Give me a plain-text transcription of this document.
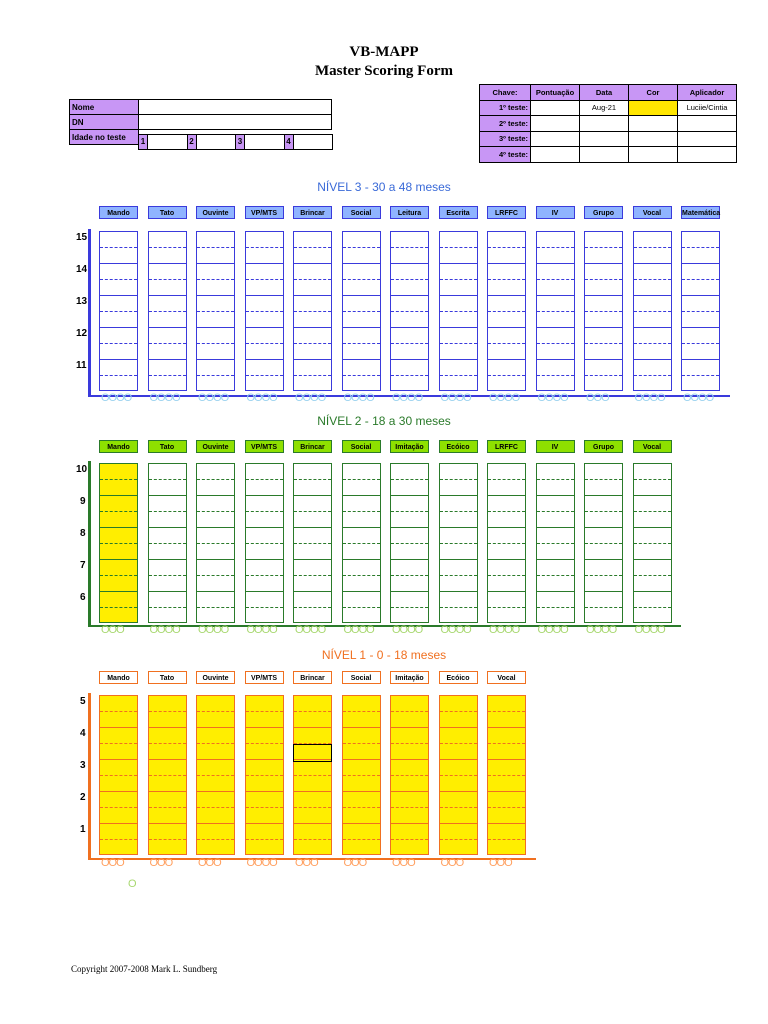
VB-MAPP
Master Scoring Form
Nome	
DN	
Idade no teste	1	2	3	4
Chave:	Pontuação	Data	Cor	Aplicador
1º teste:		Aug-21		Luciie/Cintia
2º teste:				
3º teste:				
4º teste:				
NÍVEL 3 - 30 a 48 meses
15
14
13
12
11
Mando
OOOO
Tato
OOOO
Ouvinte
OOOO
VP/MTS
OOOO
Brincar
OOOO
Social
OOOO
Leitura
OOOO
Escrita
OOOO
LRFFC
OOOO
IV
OOOO
Grupo
OOO
Vocal
OOOO
Matemática
OOOO
NÍVEL 2 - 18 a 30 meses
10
9
8
7
6
Mando
OOO
Tato
OOOO
Ouvinte
OOOO
VP/MTS
OOOO
Brincar
OOOO
Social
OOOO
Imitação
OOOO
Ecóico
OOOO
LRFFC
OOOO
IV
OOOO
Grupo
OOOO
Vocal
OOOO
NÍVEL 1 - 0 - 18 meses
5
4
3
2
1
Mando
OOO
Tato
OOO
Ouvinte
OOO
VP/MTS
OOOO
Brincar
OOO
Social
OOO
Imitação
OOO
Ecóico
OOO
Vocal
OOO
O
Copyright 2007-2008 Mark L. Sundberg
